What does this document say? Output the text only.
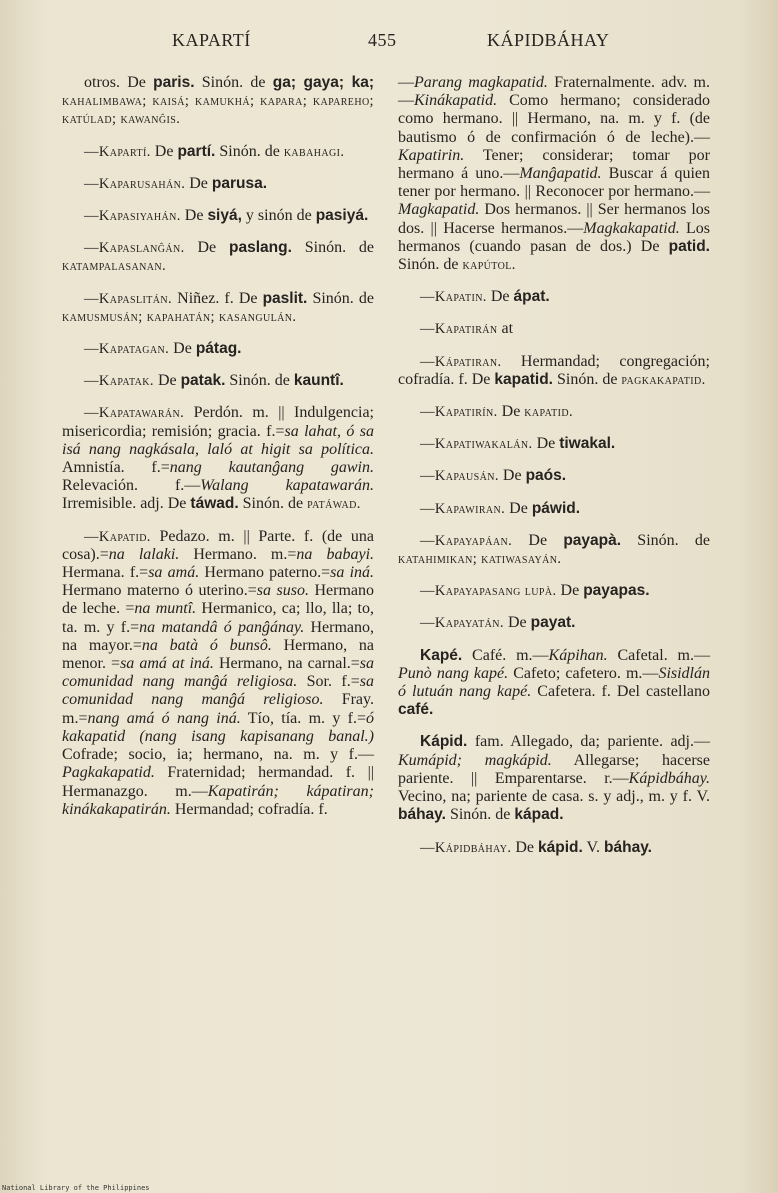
KAPARTÍ	455	KÁPIDBÁHAY

otros. De paris. Sinón. de ga; gaya; ka; kahalimbawa; kaisá; kamukhá; kapara; kapareho; katúlad; kawanĝis.

—Kapartí. De partí. Sinón. de kabahagi.

—Kaparusahán. De parusa.

—Kapasiyahán. De siyá, y sinón de pasiyá.

—Kapaslanĝán. De paslang. Sinón. de katampalasanan.

—Kapaslitán. Niñez. f. De paslit. Sinón. de kamusmusán; kapahatán; kasangulán.

—Kapatagan. De pátag.

—Kapatak. De patak. Sinón. de kauntî.

—Kapatawarán. Perdón. m. || Indulgencia; misericordia; remisión; gracia. f.=sa lahat, ó sa isá nang nagkásala, laló at higit sa política. Amnistía. f.=nang kautanĝang gawin. Relevación. f.—Walang kapatawarán. Irremisible. adj. De táwad. Sinón. de patáwad.

—Kapatid. Pedazo. m. || Parte. f. (de una cosa).=na lalaki. Hermano. m.=na babayi. Hermana. f.=sa amá. Hermano paterno.=sa iná. Hermano materno ó uterino.=sa suso. Hermano de leche. =na muntî. Hermanico, ca; llo, lla; to, ta. m. y f.=na matandâ ó panĝánay. Hermano, na mayor.=na batà ó bunsô. Hermano, na menor. =sa amá at iná. Hermano, na carnal.=sa comunidad nang manĝá religiosa. Sor. f.=sa comunidad nang manĝá religioso. Fray. m.=nang amá ó nang iná. Tío, tía. m. y f.=ó kakapatid (nang isang kapisanang banal.) Cofrade; socio, ia; hermano, na. m. y f.—Pagkakapatid. Fraternidad; hermandad. f. || Hermanazgo. m.—Kapatirán; kápatiran; kinákakapatirán. Hermandad; cofradía. f.

—Parang magkapatid. Fraternalmente. adv. m.—Kinákapatid. Como hermano; considerado como hermano. || Hermano, na. m. y f. (de bautismo ó de confirmación ó de leche).—Kapatirin. Tener; considerar; tomar por hermano á uno.—Manĝapatid. Buscar á quien tener por hermano. || Reconocer por hermano.—Magkapatid. Dos hermanos. || Ser hermanos los dos. || Hacerse hermanos.—Magkakapatid. Los hermanos (cuando pasan de dos.) De patid. Sinón. de kapútol.

—Kapatin. De ápat.

—Kapatirán at

—Kápatiran. Hermandad; congregación; cofradía. f. De kapatid. Sinón. de pagkakapatid.

—Kapatirín. De kapatid.

—Kapatiwakalán. De tiwakal.

—Kapausán. De paós.

—Kapawiran. De páwid.

—Kapayapáan. De payapà. Sinón. de katahimikan; katiwasayán.

—Kapayapasang lupà. De payapas.

—Kapayatán. De payat.

Kapé. Café. m.—Kápihan. Cafetal. m.—Punò nang kapé. Cafeto; cafetero. m.—Sisidlán ó lutuán nang kapé. Cafetera. f. Del castellano café.

Kápid. fam. Allegado, da; pariente. adj.—Kumápid; magkápid. Allegarse; hacerse pariente. || Emparentarse. r.—Kápidbáhay. Vecino, na; pariente de casa. s. y adj., m. y f. V. báhay. Sinón. de kápad.

—Kápidbáhay. De kápid. V. báhay.

National Library of the Philippines
